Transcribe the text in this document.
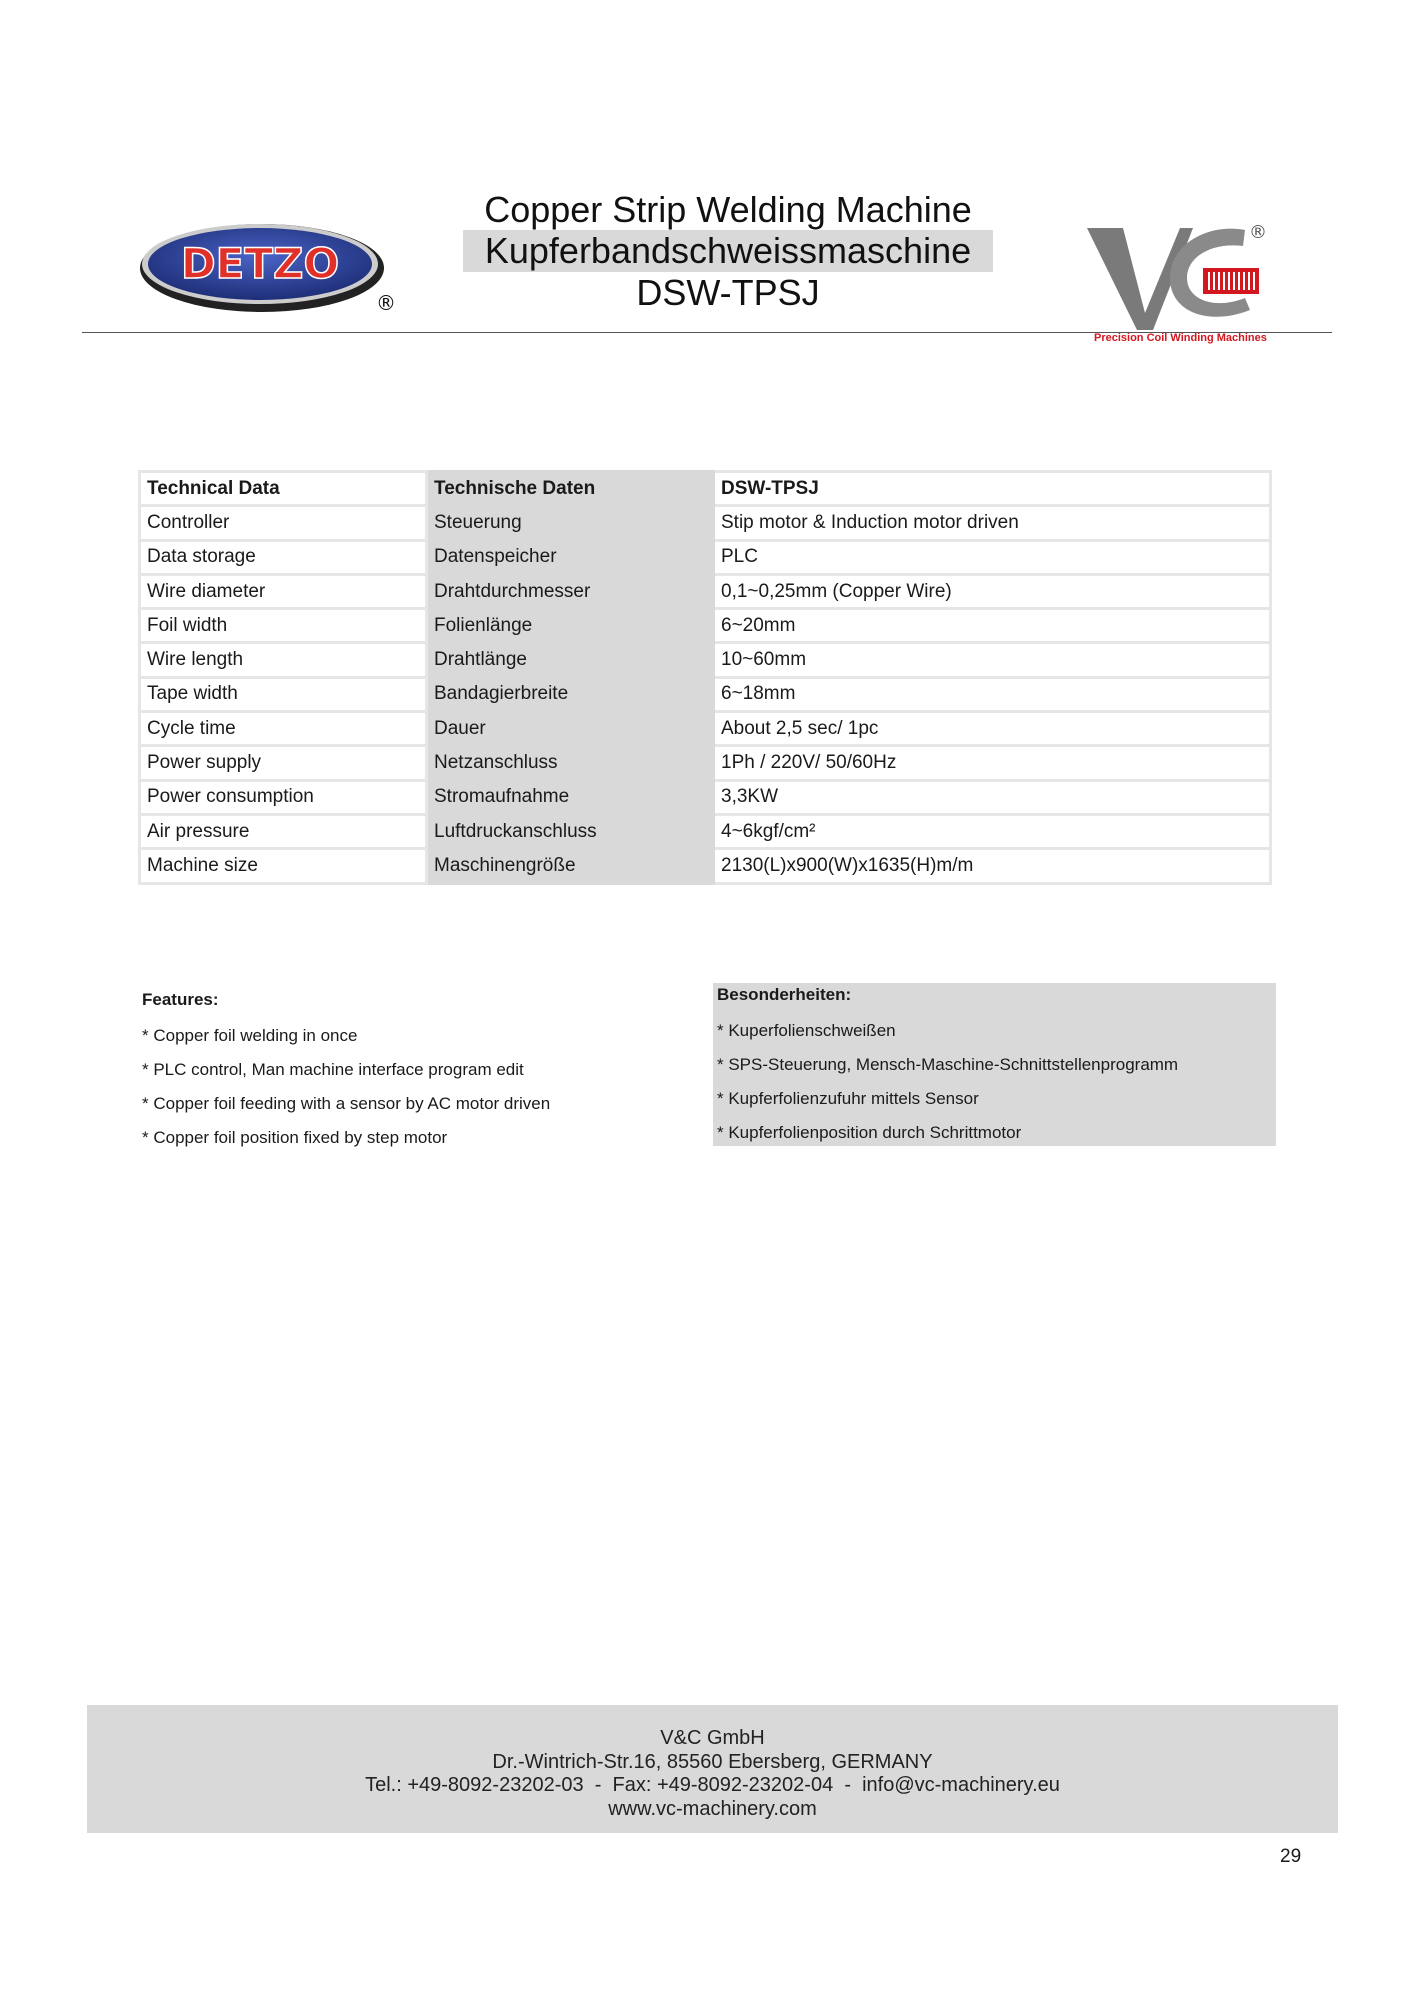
Copper Strip Welding Machine
Kupferbandschweissmaschine
DSW-TPSJ
DETZO
®
®
Precision Coil Winding Machines
Technical Data	Technische Daten	DSW-TPSJ
Controller	Steuerung	Stip motor & Induction motor driven
Data storage	Datenspeicher	PLC
Wire diameter	Drahtdurchmesser	0,1~0,25mm (Copper Wire)
Foil width	Folienlänge	6~20mm
Wire length	Drahtlänge	10~60mm
Tape width	Bandagierbreite	6~18mm
Cycle time	Dauer	About 2,5 sec/ 1pc
Power supply	Netzanschluss	1Ph / 220V/ 50/60Hz
Power consumption	Stromaufnahme	3,3KW
Air pressure	Luftdruckanschluss	4~6kgf/cm²
Machine size	Maschinengröße	2130(L)x900(W)x1635(H)m/m
Features:
* Copper foil welding in once
* PLC control, Man machine interface program edit
* Copper foil feeding with a sensor by AC motor driven
* Copper foil position fixed by step motor
Besonderheiten:
* Kuperfolienschweißen
* SPS-Steuerung, Mensch-Maschine-Schnittstellenprogramm
* Kupferfolienzufuhr mittels Sensor
* Kupferfolienposition durch Schrittmotor
V&C GmbH
Dr.-Wintrich-Str.16, 85560 Ebersberg, GERMANY
Tel.: +49-8092-23202-03  -  Fax: +49-8092-23202-04  -  info@vc-machinery.eu
www.vc-machinery.com
29
